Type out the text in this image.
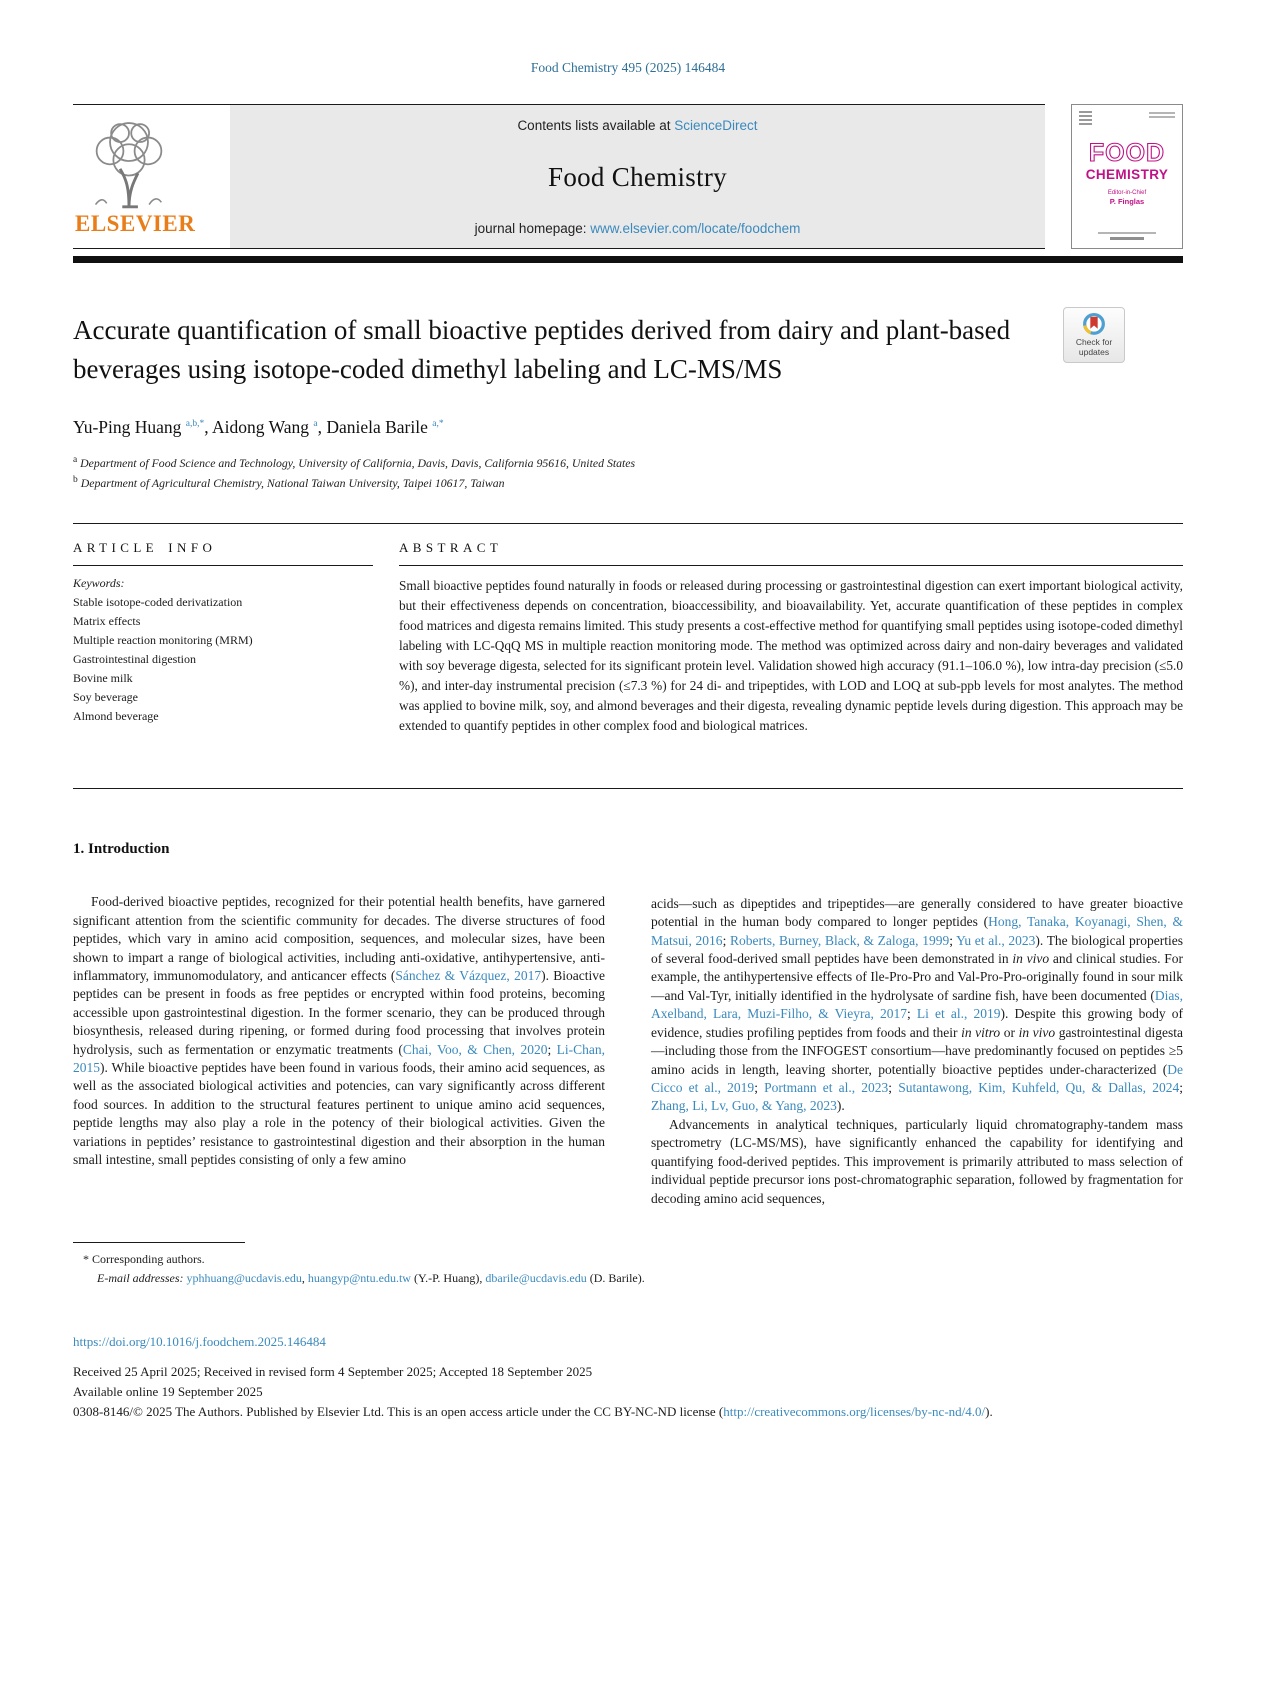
Food Chemistry 495 (2025) 146484
ELSEVIER
Contents lists available at ScienceDirect
Food Chemistry
journal homepage: www.elsevier.com/locate/foodchem
FOOD
CHEMISTRY
Editor-in-Chief
P. Finglas
Accurate quantification of small bioactive peptides derived from dairy and plant-based beverages using isotope-coded dimethyl labeling and LC-MS/MS
Check for
updates
Yu-Ping Huang $^{a,b,*}$, Aidong Wang $^a$, Daniela Barile $^{a,*}$
$^a$ Department of Food Science and Technology, University of California, Davis, Davis, California 95616, United States
$^b$ Department of Agricultural Chemistry, National Taiwan University, Taipei 10617, Taiwan
ARTICLE INFO
Keywords:
Stable isotope-coded derivatization
Matrix effects
Multiple reaction monitoring (MRM)
Gastrointestinal digestion
Bovine milk
Soy beverage
Almond beverage
ABSTRACT

Small bioactive peptides found naturally in foods or released during processing or gastrointestinal digestion can exert important biological activity, but their effectiveness depends on concentration, bioaccessibility, and bioavailability. Yet, accurate quantification of these peptides in complex food matrices and digesta remains limited. This study presents a cost-effective method for quantifying small peptides using isotope-coded dimethyl labeling with LC-QqQ MS in multiple reaction monitoring mode. The method was optimized across dairy and non-dairy beverages and validated with soy beverage digesta, selected for its significant protein level. Validation showed high accuracy (91.1–106.0 %), low intra-day precision (≤5.0 %), and inter-day instrumental precision (≤7.3 %) for 24 di- and tripeptides, with LOD and LOQ at sub-ppb levels for most analytes. The method was applied to bovine milk, soy, and almond beverages and their digesta, revealing dynamic peptide levels during digestion. This approach may be extended to quantify peptides in other complex food and biological matrices.

1. Introduction

Food-derived bioactive peptides, recognized for their potential health benefits, have garnered significant attention from the scientific community for decades. The diverse structures of food peptides, which vary in amino acid composition, sequences, and molecular sizes, have been shown to impart a range of biological activities, including anti-oxidative, antihypertensive, anti-inflammatory, immunomodulatory, and anticancer effects (Sánchez & Vázquez, 2017). Bioactive peptides can be present in foods as free peptides or encrypted within food proteins, becoming accessible upon gastrointestinal digestion. In the former scenario, they can be produced through biosynthesis, released during ripening, or formed during food processing that involves protein hydrolysis, such as fermentation or enzymatic treatments (Chai, Voo, & Chen, 2020; Li-Chan, 2015). While bioactive peptides have been found in various foods, their amino acid sequences, as well as the associated biological activities and potencies, can vary significantly across different food sources. In addition to the structural features pertinent to unique amino acid sequences, peptide lengths may also play a role in the potency of their biological activities. Given the variations in peptides’ resistance to gastrointestinal digestion and their absorption in the human small intestine, small peptides consisting of only a few amino

acids—such as dipeptides and tripeptides—are generally considered to have greater bioactive potential in the human body compared to longer peptides (Hong, Tanaka, Koyanagi, Shen, & Matsui, 2016; Roberts, Burney, Black, & Zaloga, 1999; Yu et al., 2023). The biological properties of several food-derived small peptides have been demonstrated in in vivo and clinical studies. For example, the antihypertensive effects of Ile-Pro-Pro and Val-Pro-Pro-originally found in sour milk—and Val-Tyr, initially identified in the hydrolysate of sardine fish, have been documented (Dias, Axelband, Lara, Muzi-Filho, & Vieyra, 2017; Li et al., 2019). Despite this growing body of evidence, studies profiling peptides from foods and their in vitro or in vivo gastrointestinal digesta—including those from the INFOGEST consortium—have predominantly focused on peptides ≥5 amino acids in length, leaving shorter, potentially bioactive peptides under-characterized (De Cicco et al., 2019; Portmann et al., 2023; Sutantawong, Kim, Kuhfeld, Qu, & Dallas, 2024; Zhang, Li, Lv, Guo, & Yang, 2023).

Advancements in analytical techniques, particularly liquid chromatography-tandem mass spectrometry (LC-MS/MS), have significantly enhanced the capability for identifying and quantifying food-derived peptides. This improvement is primarily attributed to mass selection of individual peptide precursor ions post-chromatographic separation, followed by fragmentation for decoding amino acid sequences,

* Corresponding authors.
E-mail addresses: yphhuang@ucdavis.edu, huangyp@ntu.edu.tw (Y.-P. Huang), dbarile@ucdavis.edu (D. Barile).
https://doi.org/10.1016/j.foodchem.2025.146484
Received 25 April 2025; Received in revised form 4 September 2025; Accepted 18 September 2025
Available online 19 September 2025
0308-8146/© 2025 The Authors. Published by Elsevier Ltd. This is an open access article under the CC BY-NC-ND license (http://creativecommons.org/licenses/by-nc-nd/4.0/).
